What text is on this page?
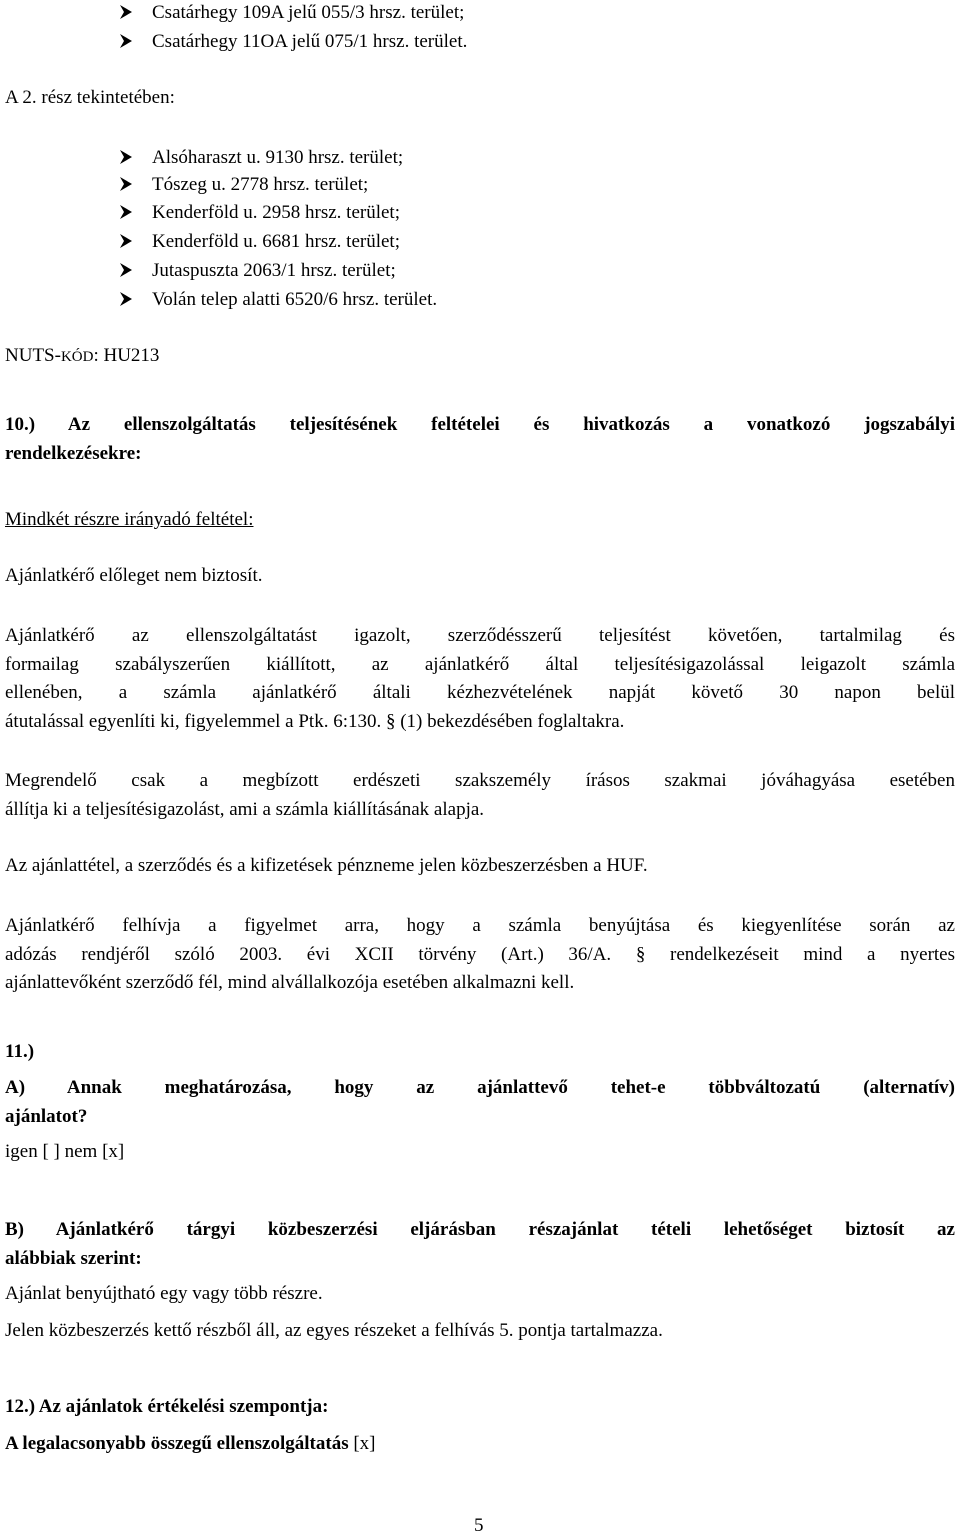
Csatárhegy 109A jelű 055/3 hrsz. terület;
Csatárhegy 11OA jelű 075/1 hrsz. terület.
A 2. rész tekintetében:
Alsóharaszt u. 9130 hrsz. terület;
Tószeg u. 2778 hrsz. terület;
Kenderföld u. 2958 hrsz. terület;
Kenderföld u. 6681 hrsz. terület;
Jutaspuszta 2063/1 hrsz. terület;
Volán telep alatti 6520/6 hrsz. terület.
NUTS-KÓD: HU213
10.) Az ellenszolgáltatás teljesítésének feltételei és hivatkozás a vonatkozó jogszabályi
rendelkezésekre:
Mindkét részre irányadó feltétel:
Ajánlatkérő előleget nem biztosít.
Ajánlatkérő az ellenszolgáltatást igazolt, szerződésszerű teljesítést követően, tartalmilag és
formailag szabályszerűen kiállított, az ajánlatkérő által teljesítésigazolással leigazolt számla
ellenében, a számla ajánlatkérő általi kézhezvételének napját követő 30 napon belül
átutalással egyenlíti ki, figyelemmel a Ptk. 6:130. § (1) bekezdésében foglaltakra.
Megrendelő csak a megbízott erdészeti szakszemély írásos szakmai jóváhagyása esetében
állítja ki a teljesítésigazolást, ami a számla kiállításának alapja.
Az ajánlattétel, a szerződés és a kifizetések pénzneme jelen közbeszerzésben a HUF.
Ajánlatkérő felhívja a figyelmet arra, hogy a számla benyújtása és kiegyenlítése során az
adózás rendjéről szóló 2003. évi XCII törvény (Art.) 36/A. § rendelkezéseit mind a nyertes
ajánlattevőként szerződő fél, mind alvállalkozója esetében alkalmazni kell.
11.)
A) Annak meghatározása, hogy az ajánlattevő tehet-e többváltozatú (alternatív)
ajánlatot?
igen [ ] nem [x]
B) Ajánlatkérő tárgyi közbeszerzési eljárásban részajánlat tételi lehetőséget biztosít az
alábbiak szerint:
Ajánlat benyújtható egy vagy több részre.
Jelen közbeszerzés kettő részből áll, az egyes részeket a felhívás 5. pontja tartalmazza.
12.) Az ajánlatok értékelési szempontja:
A legalacsonyabb összegű ellenszolgáltatás [x]
5
